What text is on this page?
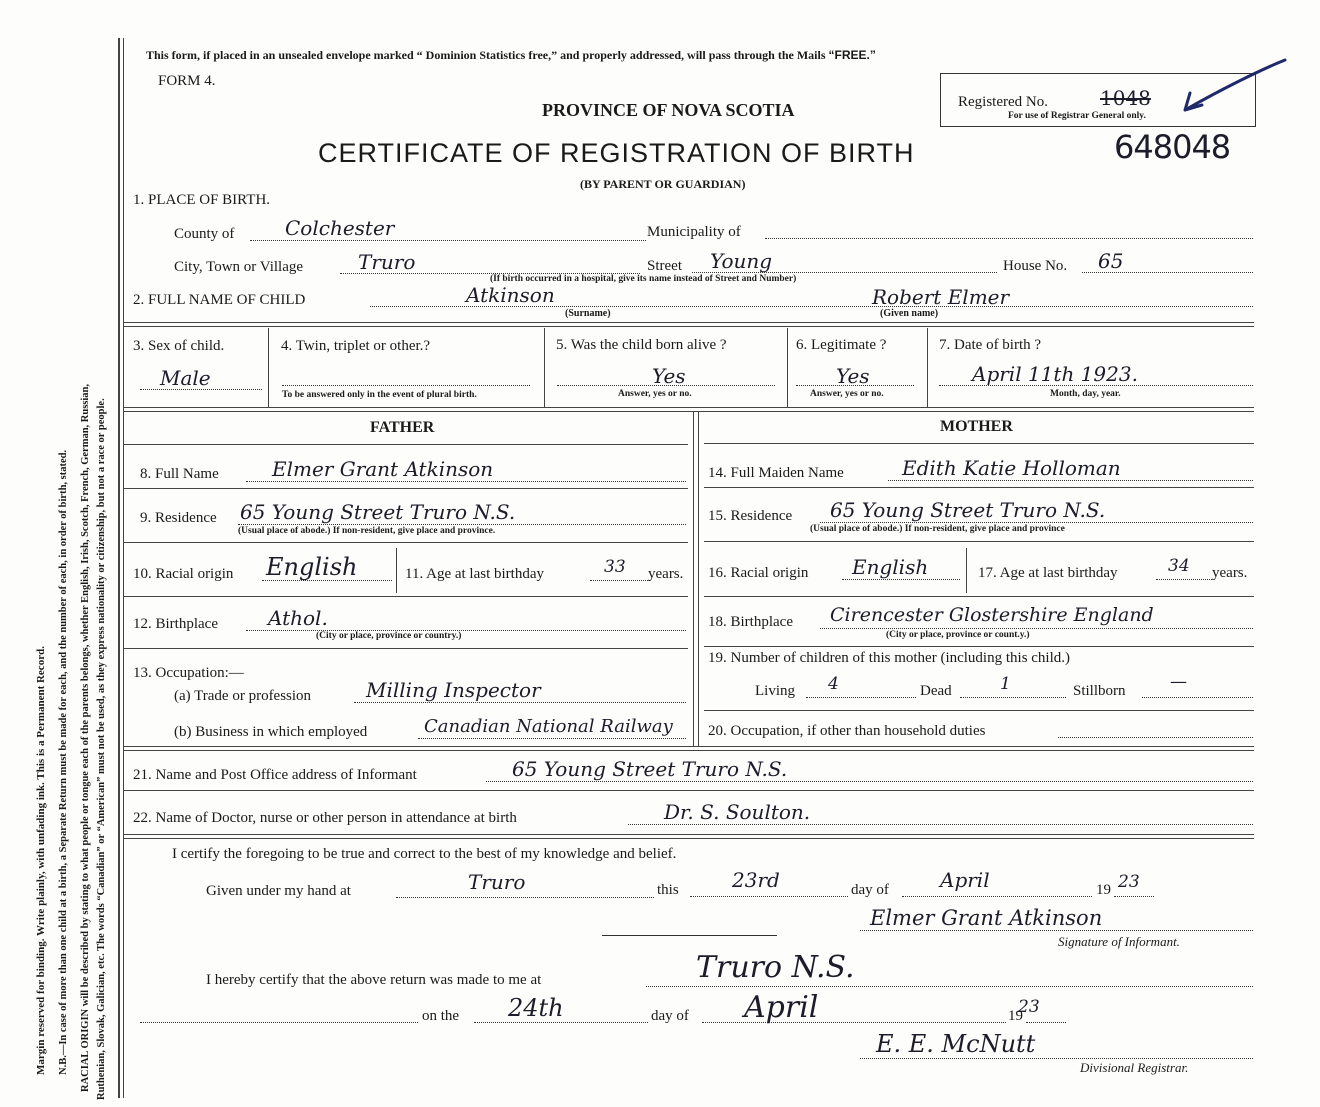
Margin reserved for binding. Write plainly, with unfading ink. This is a Permanent Record. N.B.—In case of more than one child at a birth, a Separate Return must be made for each, and the number of each, in order of birth, stated. RACIAL ORIGIN will be described by stating to what people or tongue each of the parents belongs, whether English, Irish, Scotch, French, German, Russian, Ruthenian, Slovak, Galician, etc. The words “Canadian” or “American” must not be used, as they express nationality or citizenship, but not a race or people.
This form, if placed in an unsealed envelope marked “ Dominion Statistics free,” and properly addressed, will pass through the Mails “FREE.”
FORM 4.
PROVINCE OF NOVA SCOTIA	Registered No.	1048
For use of Registrar General only.
CERTIFICATE OF REGISTRATION OF BIRTH	648048
(BY PARENT OR GUARDIAN)
1. PLACE OF BIRTH.
County of	Colchester	Municipality of
City, Town or Village	Truro	Street Young	House No. 65
(If birth occurred in a hospital, give its name instead of Street and Number)
2. FULL NAME OF CHILD	Atkinson
(Surname)
Robert Elmer
(Given name)
3. Sex of child.
Male
4. Twin, triplet or other.?
To be answered only in the event of plural birth.
5. Was the child born alive ?
Yes
Answer, yes or no.
6. Legitimate ?
Yes
Answer, yes or no.
7. Date of birth ?
April 11th 1923.
Month, day, year.
FATHER	MOTHER
8. Full Name	Elmer Grant Atkinson
9. Residence 65 Young Street Truro N.S.
(Usual place of abode.) If non-resident, give place and province.
10. Racial origin English	11. Age at last birthday	33 years.
12. Birthplace	Athol.
(City or place, province or country.)
13. Occupation:—
(a) Trade or profession	Milling Inspector
(b) Business in which employed	Canadian National Railway
14. Full Maiden Name	Edith Katie Holloman
15. Residence 65 Young Street Truro N.S.
(Usual place of abode.) If non-resident, give place and province
16. Racial origin English	17. Age at last birthday	34 years.
18. Birthplace Cirencester Glostershire England
(City or place, province or count.y.)
19. Number of children of this mother (including this child.)
Living 4	Dead	1	Stillborn	—
20. Occupation, if other than household duties
21. Name and Post Office address of Informant	65 Young Street Truro N.S.
22. Name of Doctor, nurse or other person in attendance at birth	Dr. S. Soulton.
I certify the foregoing to be true and correct to the best of my knowledge and belief.
Given under my hand at	Truro	this	23rd	day of	April	19 23
Elmer Grant Atkinson
Signature of Informant.
I hereby certify that the above return was made to me at	Truro N.S.
on the 24th	day of April	19
23
E. E. McNutt
Divisional Registrar.
